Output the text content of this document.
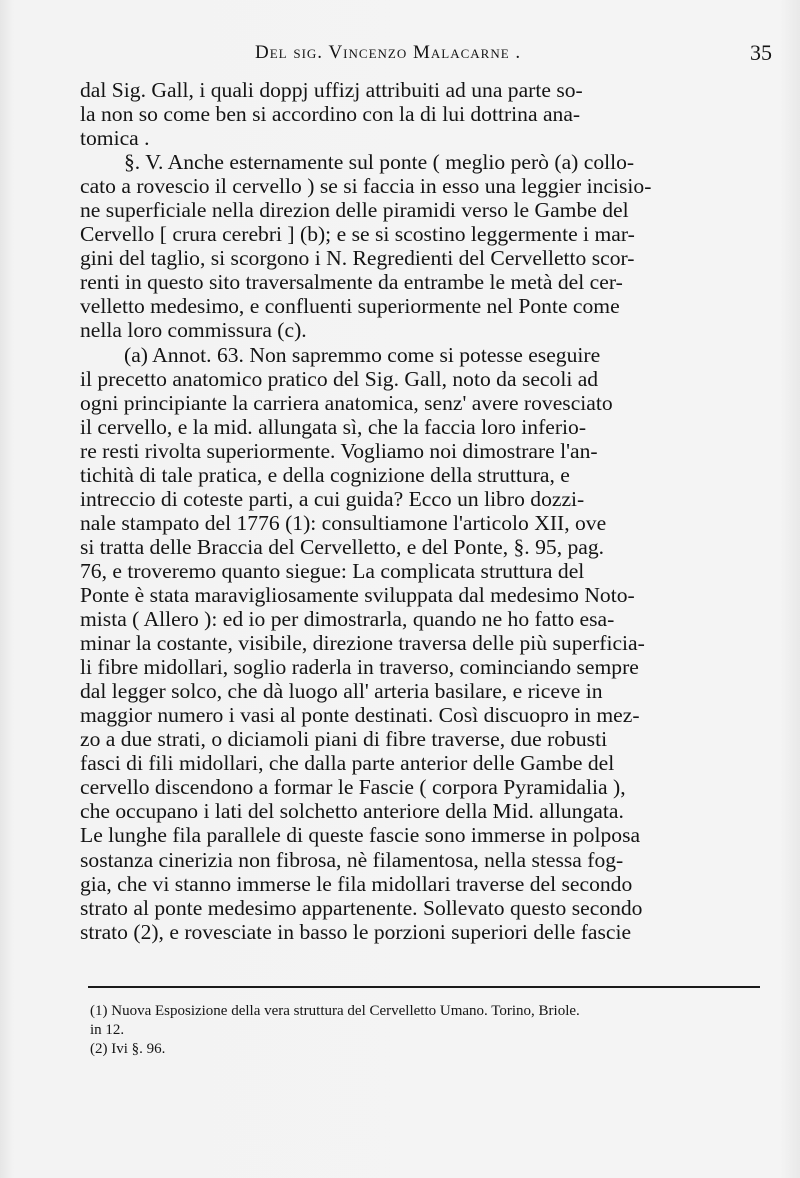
Del sig. Vincenzo Malacarne .	35
dal Sig. Gall, i quali doppj uffizj attribuiti ad una parte so-
la non so come ben si accordino con la di lui dottrina ana-
tomica .
§. V. Anche esternamente sul ponte ( meglio però (a) collo-
cato a rovescio il cervello ) se si faccia in esso una leggier incisio-
ne superficiale nella direzion delle piramidi verso le Gambe del
Cervello [ crura cerebri ] (b); e se si scostino leggermente i mar-
gini del taglio, si scorgono i N. Regredienti del Cervelletto scor-
renti in questo sito traversalmente da entrambe le metà del cer-
velletto medesimo, e confluenti superiormente nel Ponte come
nella loro commissura (c).
(a) Annot. 63. Non sapremmo come si potesse eseguire
il precetto anatomico pratico del Sig. Gall, noto da secoli ad
ogni principiante la carriera anatomica, senz' avere rovesciato
il cervello, e la mid. allungata sì, che la faccia loro inferio-
re resti rivolta superiormente. Vogliamo noi dimostrare l'an-
tichità di tale pratica, e della cognizione della struttura, e
intreccio di coteste parti, a cui guida? Ecco un libro dozzi-
nale stampato del 1776 (1): consultiamone l'articolo XII, ove
si tratta delle Braccia del Cervelletto, e del Ponte, §. 95, pag.
76, e troveremo quanto siegue: La complicata struttura del
Ponte è stata maravigliosamente sviluppata dal medesimo Noto-
mista ( Allero ): ed io per dimostrarla, quando ne ho fatto esa-
minar la costante, visibile, direzione traversa delle più superficia-
li fibre midollari, soglio raderla in traverso, cominciando sempre
dal legger solco, che dà luogo all' arteria basilare, e riceve in
maggior numero i vasi al ponte destinati. Così discuopro in mez-
zo a due strati, o diciamoli piani di fibre traverse, due robusti
fasci di fili midollari, che dalla parte anterior delle Gambe del
cervello discendono a formar le Fascie ( corpora Pyramidalia ),
che occupano i lati del solchetto anteriore della Mid. allungata.
Le lunghe fila parallele di queste fascie sono immerse in polposa
sostanza cinerizia non fibrosa, nè filamentosa, nella stessa fog-
gia, che vi stanno immerse le fila midollari traverse del secondo
strato al ponte medesimo appartenente. Sollevato questo secondo
strato (2), e rovesciate in basso le porzioni superiori delle fascie
(1) Nuova Esposizione della vera struttura del Cervelletto Umano. Torino, Briole.
in 12.
(2) Ivi §. 96.
